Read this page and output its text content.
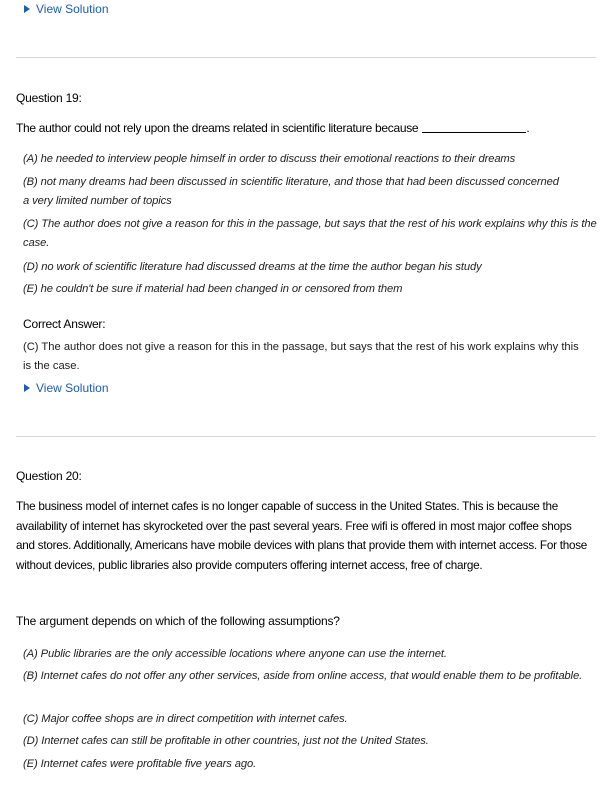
View Solution
Question 19:
The author could not rely upon the dreams related in scientific literature because	.
(A) he needed to interview people himself in order to discuss their emotional reactions to their dreams
(B) not many dreams had been discussed in scientific literature, and those that had been discussed concerned a very limited number of topics
(C) The author does not give a reason for this in the passage, but says that the rest of his work explains why this is the case.
(D) no work of scientific literature had discussed dreams at the time the author began his study
(E) he couldn't be sure if material had been changed in or censored from them
Correct Answer:
(C) The author does not give a reason for this in the passage, but says that the rest of his work explains why this is the case.
View Solution
Question 20:
The business model of internet cafes is no longer capable of success in the United States. This is because the availability of internet has skyrocketed over the past several years. Free wifi is offered in most major coffee shops and stores. Additionally, Americans have mobile devices with plans that provide them with internet access. For those without devices, public libraries also provide computers offering internet access, free of charge.
The argument depends on which of the following assumptions?
(A) Public libraries are the only accessible locations where anyone can use the internet.
(B) Internet cafes do not offer any other services, aside from online access, that would enable them to be profitable.
(C) Major coffee shops are in direct competition with internet cafes.
(D) Internet cafes can still be profitable in other countries, just not the United States.
(E) Internet cafes were profitable five years ago.
